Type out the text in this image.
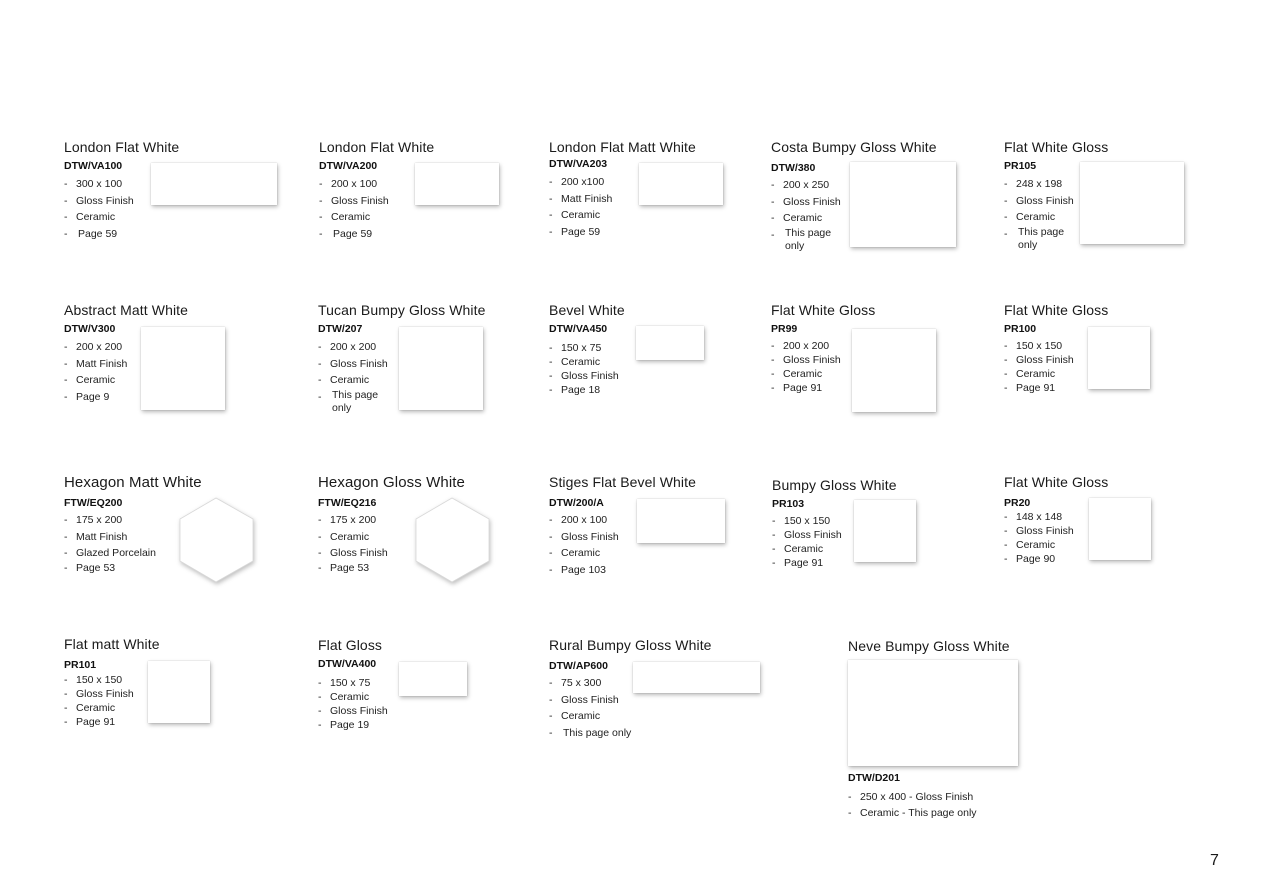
London Flat White
DTW/VA100
- 300 x 100
- Gloss Finish
- Ceramic
- Page 59
London Flat White
DTW/VA200
- 200 x 100
- Gloss Finish
- Ceramic
- Page 59
London Flat Matt White
DTW/VA203
- 200 x100
- Matt Finish
- Ceramic
- Page 59
Costa Bumpy Gloss White
DTW/380
- 200 x 250
- Gloss Finish
- Ceramic
- This page only
Flat White Gloss
PR105
- 248 x 198
- Gloss Finish
- Ceramic
- This page only
Abstract Matt White
DTW/V300
- 200 x 200
- Matt Finish
- Ceramic
- Page 9
Tucan Bumpy Gloss White
DTW/207
- 200 x 200
- Gloss Finish
- Ceramic
- This page only
Bevel White
DTW/VA450
- 150 x 75
- Ceramic
- Gloss Finish
- Page 18
Flat White Gloss
PR99
- 200 x 200
- Gloss Finish
- Ceramic
- Page 91
Flat White Gloss
PR100
- 150 x 150
- Gloss Finish
- Ceramic
- Page 91
Hexagon Matt White
FTW/EQ200
- 175 x 200
- Matt Finish
- Glazed Porcelain
- Page 53
Hexagon Gloss White
FTW/EQ216
- 175 x 200
- Ceramic
- Gloss Finish
- Page 53
Stiges Flat Bevel White
DTW/200/A
- 200 x 100
- Gloss Finish
- Ceramic
- Page 103
Bumpy Gloss White
PR103
- 150 x 150
- Gloss Finish
- Ceramic
- Page 91
Flat White Gloss
PR20
- 148 x 148
- Gloss Finish
- Ceramic
- Page 90
Flat matt White
PR101
- 150 x 150
- Gloss Finish
- Ceramic
- Page 91
Flat Gloss
DTW/VA400
- 150 x 75
- Ceramic
- Gloss Finish
- Page 19
Rural Bumpy Gloss White
DTW/AP600
- 75 x 300
- Gloss Finish
- Ceramic
- This page only
Neve Bumpy Gloss White
DTW/D201
- 250 x 400 - Gloss Finish
- Ceramic - This page only
7
